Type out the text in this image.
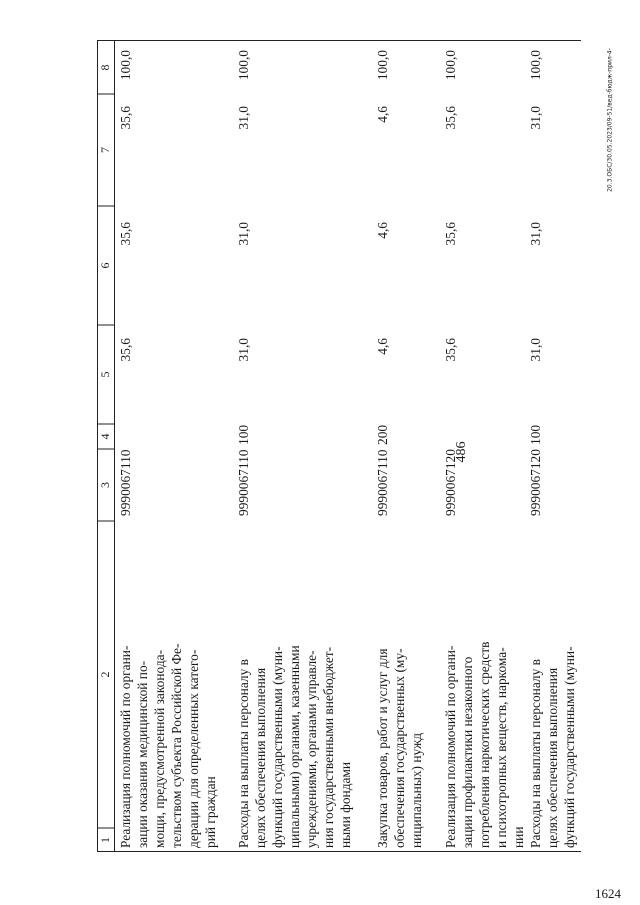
486
1624
20.3.ОБС/30.05.2023/09-51/вед-бюдж-прил-4-
1
2
3
4
5
6
7
8
Реализация полномочий по органи- зации оказания медицинской по- мощи, предусмотренной законода- тельством субъекта Российской Фе- дерации для определенных катего- рий граждан
9990067110
35,6
35,6
35,6
100,0
Расходы на выплаты персоналу в целях обеспечения выполнения функций государственными (муни- ципальными) органами, казенными учреждениями, органами управле- ния государственными внебюджет- ными фондами
9990067110
100
31,0
31,0
31,0
100,0
Закупка товаров, работ и услуг для обеспечения государственных (му- ниципальных) нужд
9990067110
200
4,6
4,6
4,6
100,0
Реализация полномочий по органи- зации профилактики незаконного потребления наркотических средств и психотропных веществ, наркома- нии
9990067120
35,6
35,6
35,6
100,0
Расходы на выплаты персоналу в целях обеспечения выполнения функций государственными (муни-
9990067120
100
31,0
31,0
31,0
100,0
